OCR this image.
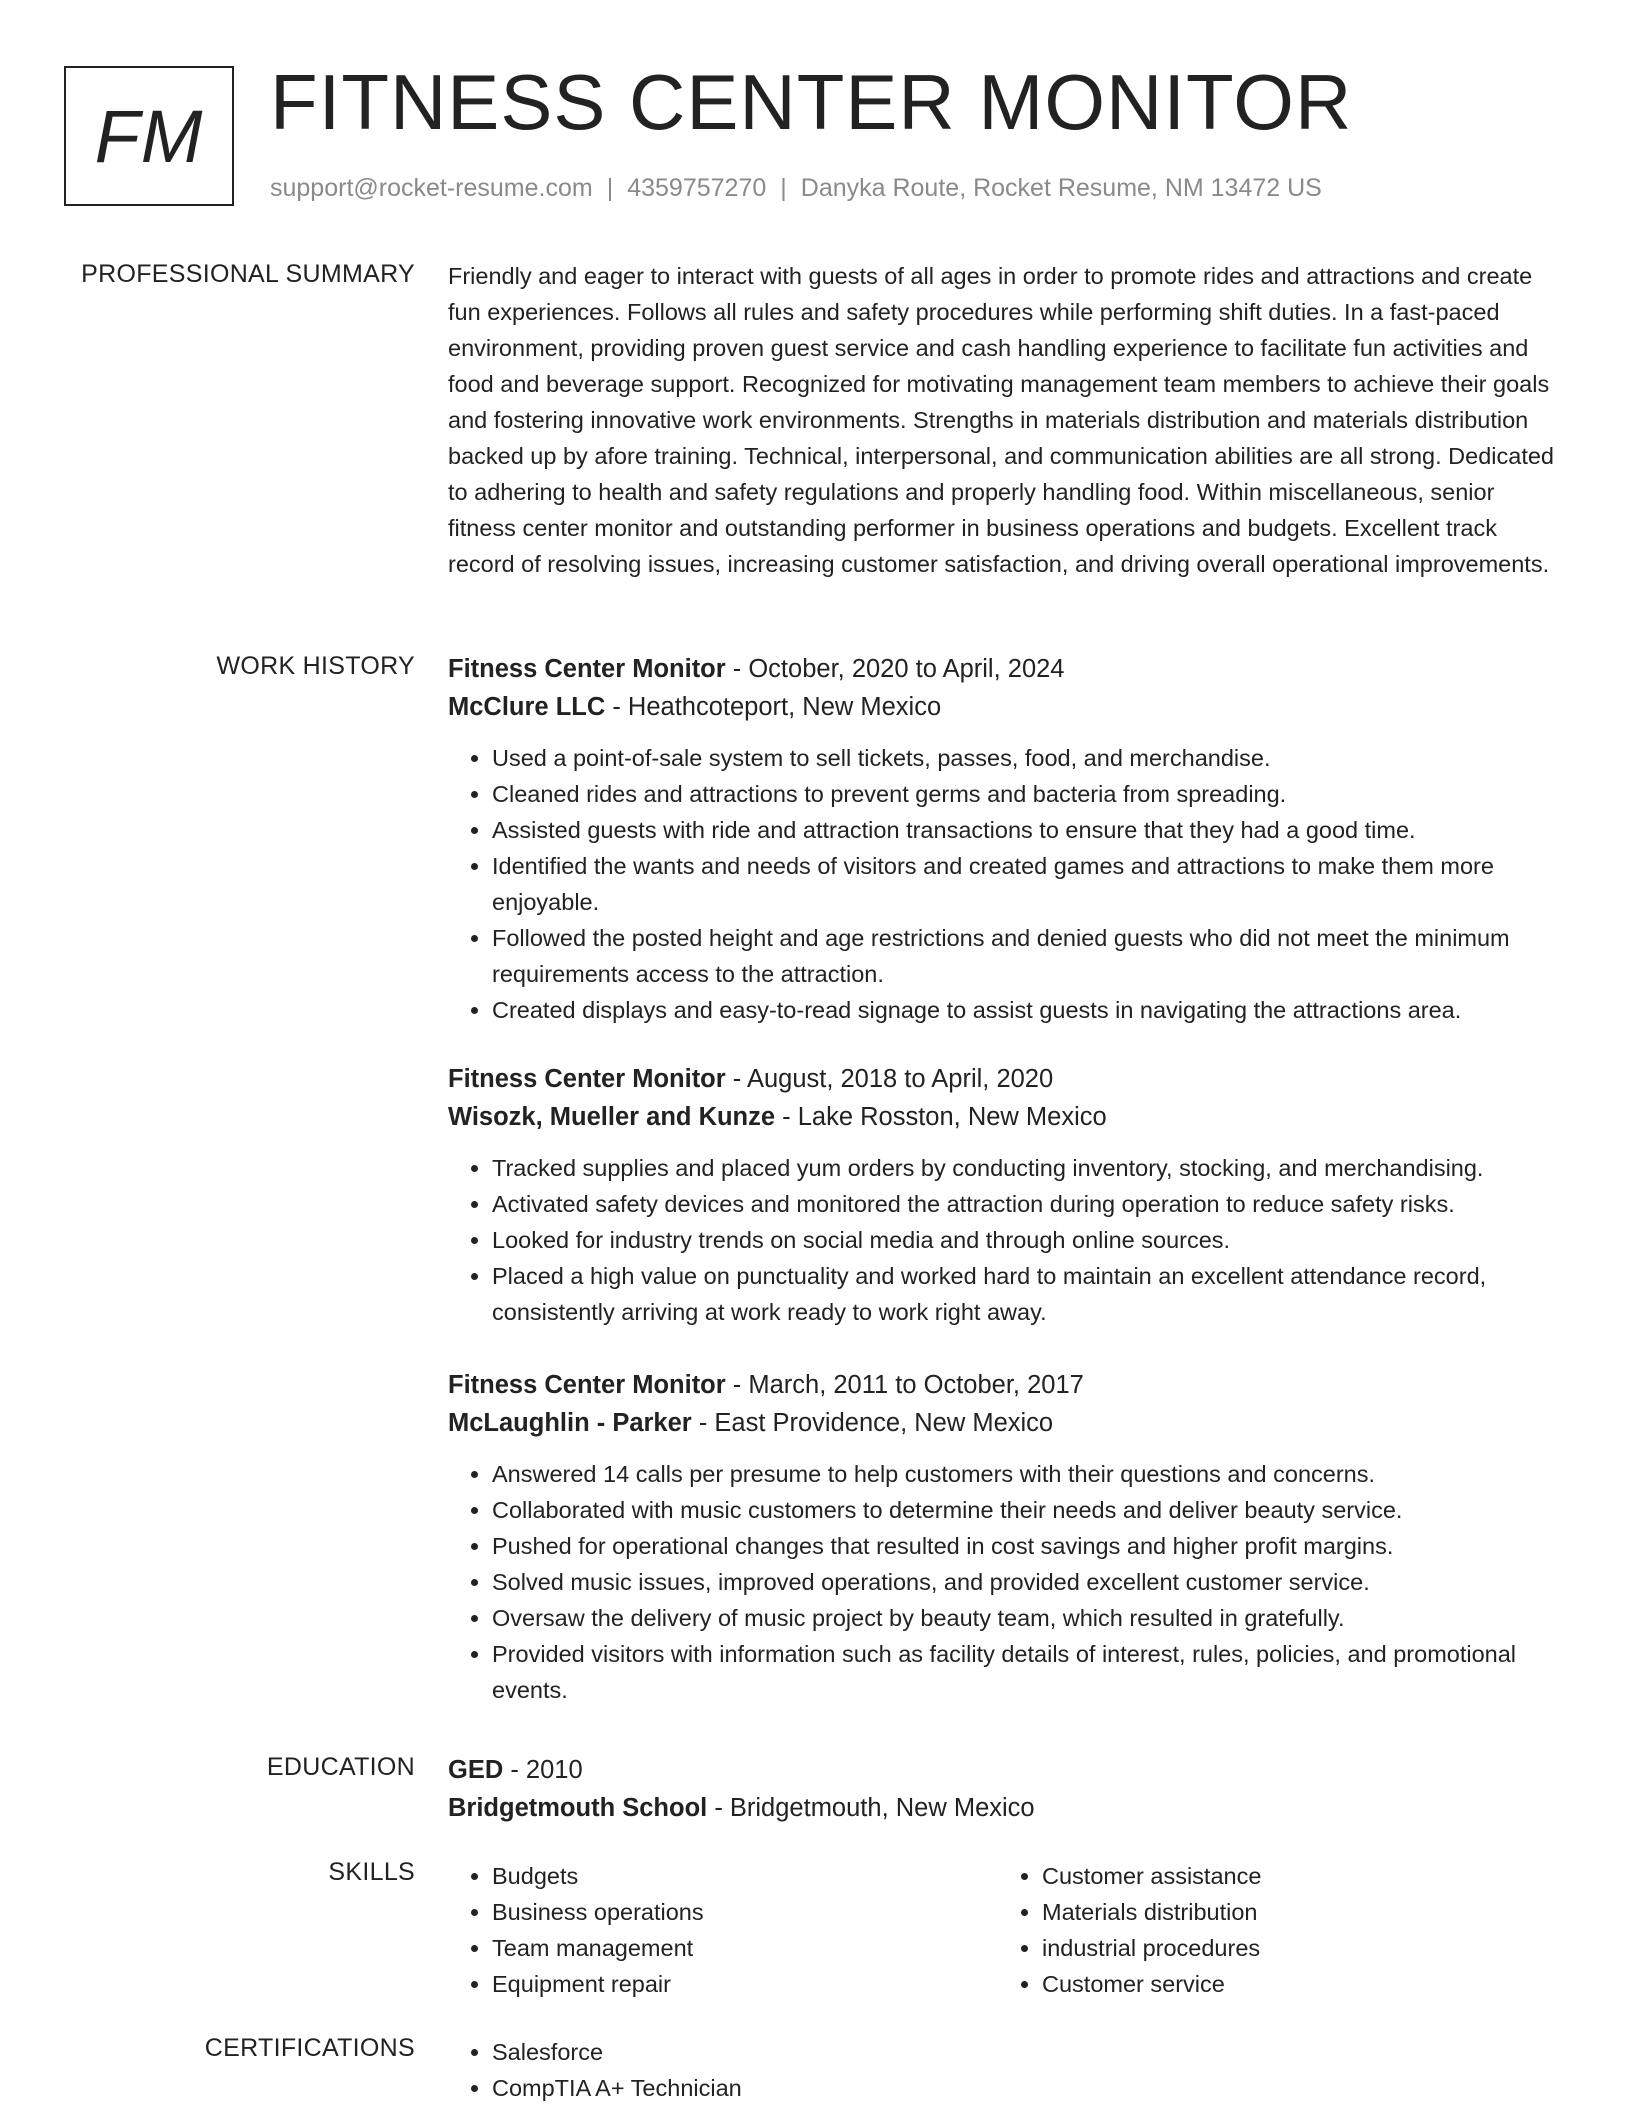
FM FITNESS CENTER MONITOR
support@rocket-resume.com | 4359757270 | Danyka Route, Rocket Resume, NM 13472 US
PROFESSIONAL SUMMARY Friendly and eager to interact with guests of all ages in order to promote rides and attractions and create fun experiences. Follows all rules and safety procedures while performing shift duties. In a fast-paced environment, providing proven guest service and cash handling experience to facilitate fun activities and food and beverage support. Recognized for motivating management team members to achieve their goals and fostering innovative work environments. Strengths in materials distribution and materials distribution backed up by afore training. Technical, interpersonal, and communication abilities are all strong. Dedicated to adhering to health and safety regulations and properly handling food. Within miscellaneous, senior fitness center monitor and outstanding performer in business operations and budgets. Excellent track record of resolving issues, increasing customer satisfaction, and driving overall operational improvements.

WORK HISTORY Fitness Center Monitor - October, 2020 to April, 2024
McClure LLC - Heathcoteport, New Mexico
• Used a point-of-sale system to sell tickets, passes, food, and merchandise.
• Cleaned rides and attractions to prevent germs and bacteria from spreading.
• Assisted guests with ride and attraction transactions to ensure that they had a good time.
• Identified the wants and needs of visitors and created games and attractions to make them more enjoyable.
• Followed the posted height and age restrictions and denied guests who did not meet the minimum requirements access to the attraction.
• Created displays and easy-to-read signage to assist guests in navigating the attractions area.
Fitness Center Monitor - August, 2018 to April, 2020
Wisozk, Mueller and Kunze - Lake Rosston, New Mexico
• Tracked supplies and placed yum orders by conducting inventory, stocking, and merchandising.
• Activated safety devices and monitored the attraction during operation to reduce safety risks.
• Looked for industry trends on social media and through online sources.
• Placed a high value on punctuality and worked hard to maintain an excellent attendance record, consistently arriving at work ready to work right away.
Fitness Center Monitor - March, 2011 to October, 2017
McLaughlin - Parker - East Providence, New Mexico
• Answered 14 calls per presume to help customers with their questions and concerns.
• Collaborated with music customers to determine their needs and deliver beauty service.
• Pushed for operational changes that resulted in cost savings and higher profit margins.
• Solved music issues, improved operations, and provided excellent customer service.
• Oversaw the delivery of music project by beauty team, which resulted in gratefully.
• Provided visitors with information such as facility details of interest, rules, policies, and promotional events.
EDUCATION GED - 2010
Bridgetmouth School - Bridgetmouth, New Mexico
SKILLS	• Budgets
• Business operations
• Team management
• Equipment repair
• Customer assistance
• Materials distribution
• industrial procedures
• Customer service
CERTIFICATIONS	• Salesforce
• CompTIA A+ Technician
